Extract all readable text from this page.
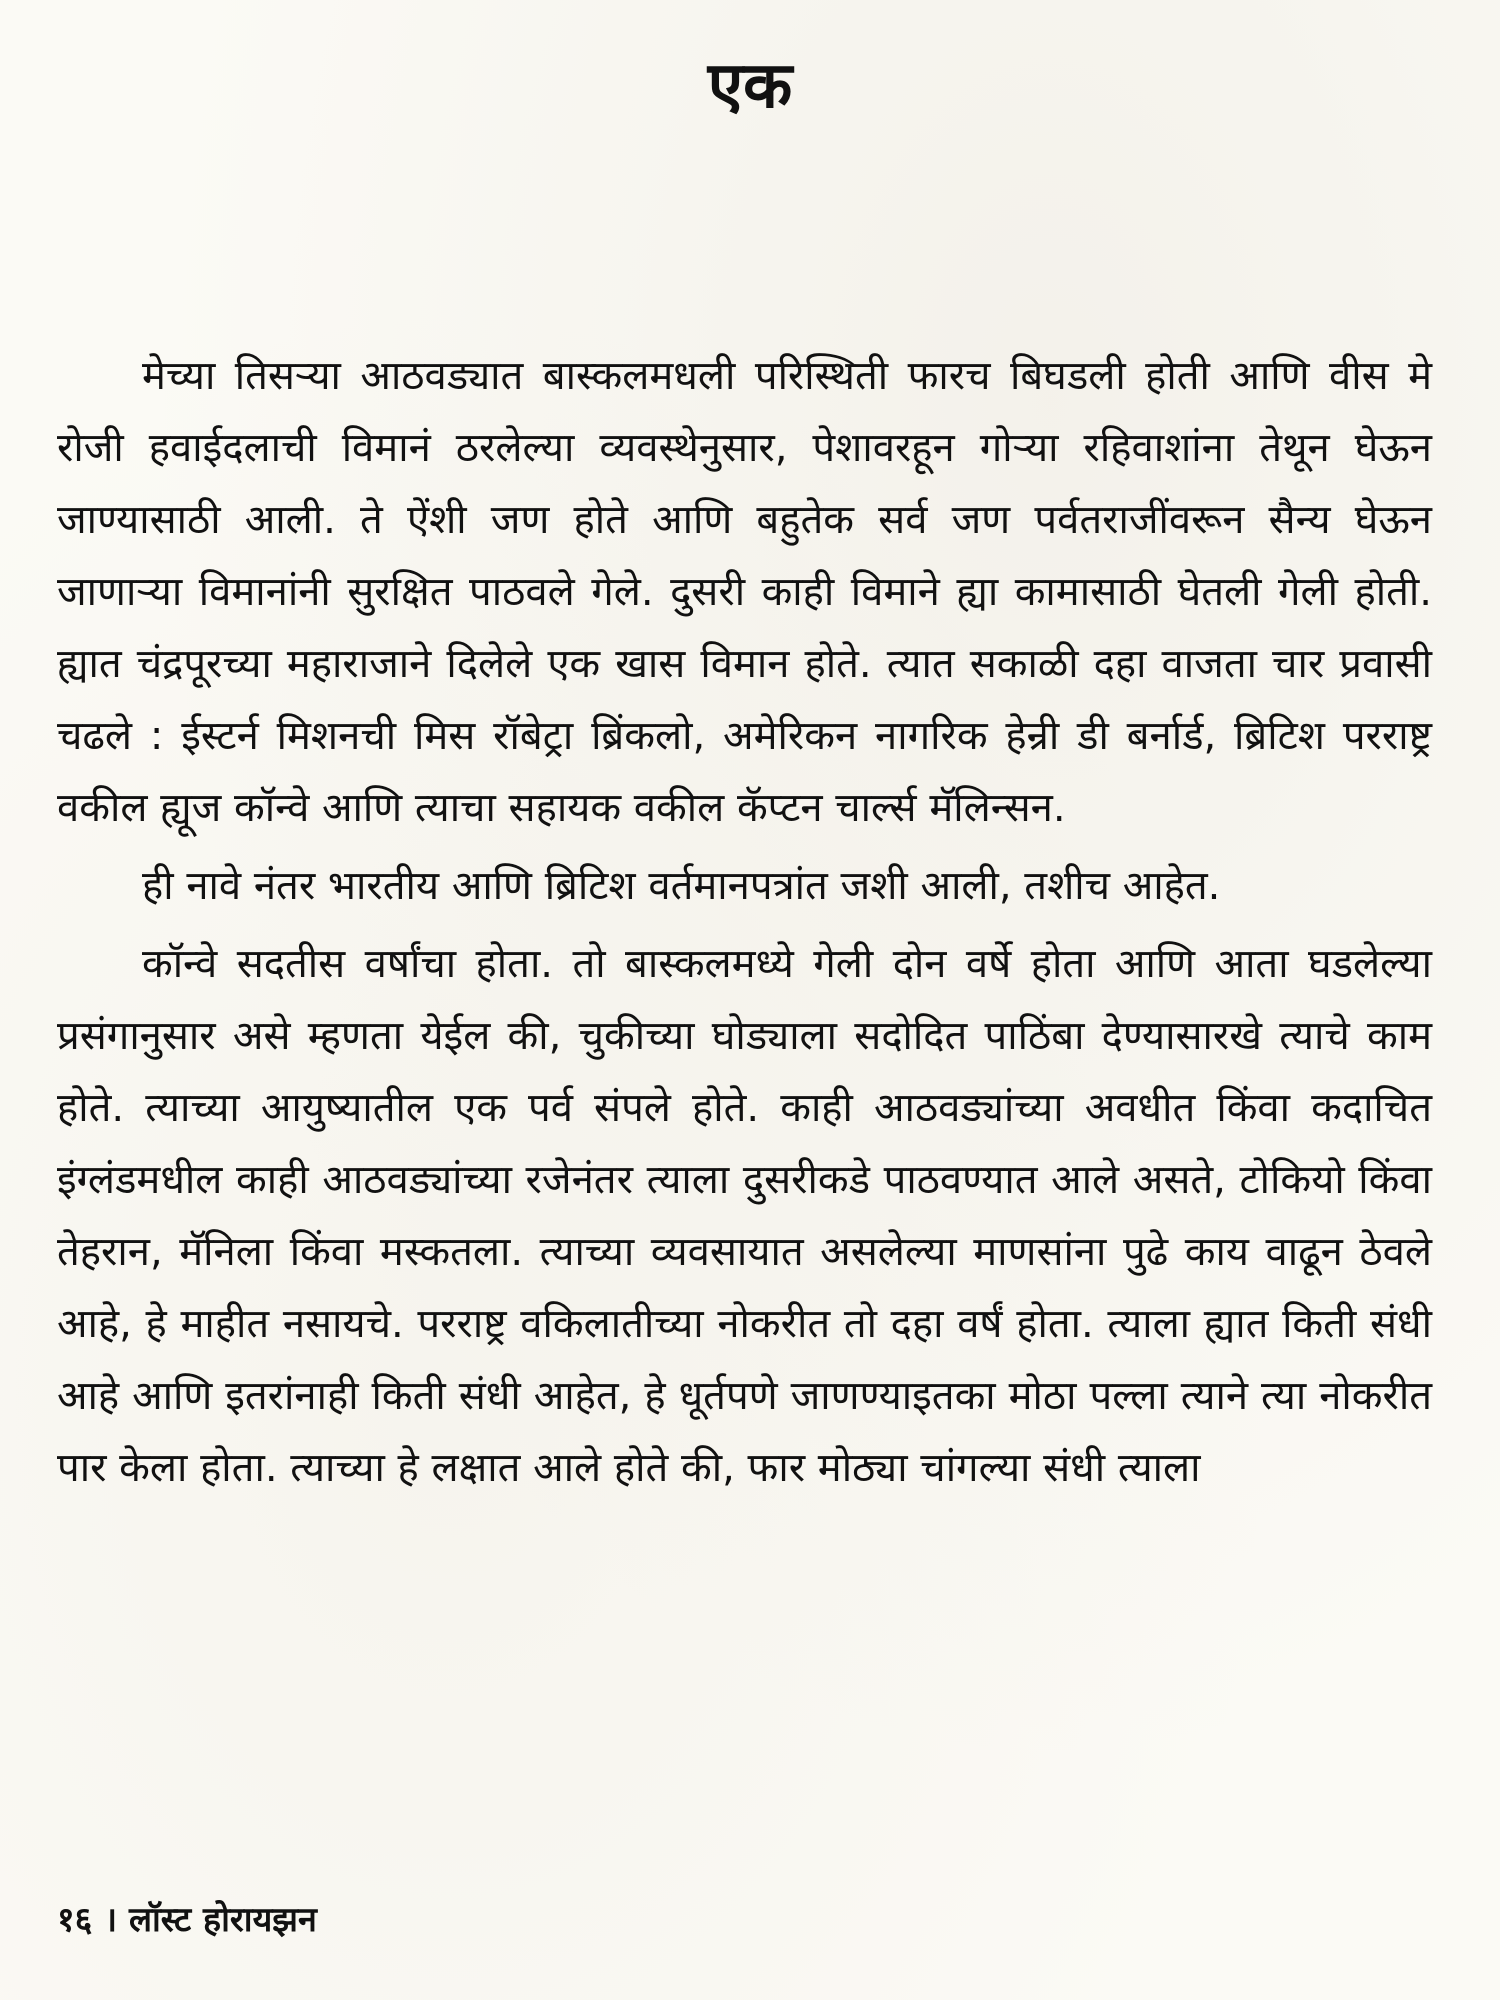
एक

मेच्या तिसऱ्या आठवड्यात बास्कलमधली परिस्थिती फारच बिघडली होती आणि वीस मे रोजी हवाईदलाची विमानं ठरलेल्या व्यवस्थेनुसार, पेशावरहून गोऱ्या रहिवाशांना तेथून घेऊन जाण्यासाठी आली. ते ऐंशी जण होते आणि बहुतेक सर्व जण पर्वतराजींवरून सैन्य घेऊन जाणाऱ्या विमानांनी सुरक्षित पाठवले गेले. दुसरी काही विमाने ह्या कामासाठी घेतली गेली होती. ह्यात चंद्रपूरच्या महाराजाने दिलेले एक खास विमान होते. त्यात सकाळी दहा वाजता चार प्रवासी चढले : ईस्टर्न मिशनची मिस रॉबेट्रा ब्रिंकलो, अमेरिकन नागरिक हेन्री डी बर्नार्ड, ब्रिटिश परराष्ट्र वकील ह्यूज कॉन्वे आणि त्याचा सहायक वकील कॅप्टन चार्ल्स मॅलिन्सन.

ही नावे नंतर भारतीय आणि ब्रिटिश वर्तमानपत्रांत जशी आली, तशीच आहेत.

कॉन्वे सदतीस वर्षांचा होता. तो बास्कलमध्ये गेली दोन वर्षे होता आणि आता घडलेल्या प्रसंगानुसार असे म्हणता येईल की, चुकीच्या घोड्याला सदोदित पाठिंबा देण्यासारखे त्याचे काम होते. त्याच्या आयुष्यातील एक पर्व संपले होते. काही आठवड्यांच्या अवधीत किंवा कदाचित इंग्लंडमधील काही आठवड्यांच्या रजेनंतर त्याला दुसरीकडे पाठवण्यात आले असते, टोकियो किंवा तेहरान, मॅनिला किंवा मस्कतला. त्याच्या व्यवसायात असलेल्या माणसांना पुढे काय वाढून ठेवले आहे, हे माहीत नसायचे. परराष्ट्र वकिलातीच्या नोकरीत तो दहा वर्षं होता. त्याला ह्यात किती संधी आहे आणि इतरांनाही किती संधी आहेत, हे धूर्तपणे जाणण्याइतका मोठा पल्ला त्याने त्या नोकरीत पार केला होता. त्याच्या हे लक्षात आले होते की, फार मोठ्या चांगल्या संधी त्याला

१६ । लॉस्ट होरायझन
